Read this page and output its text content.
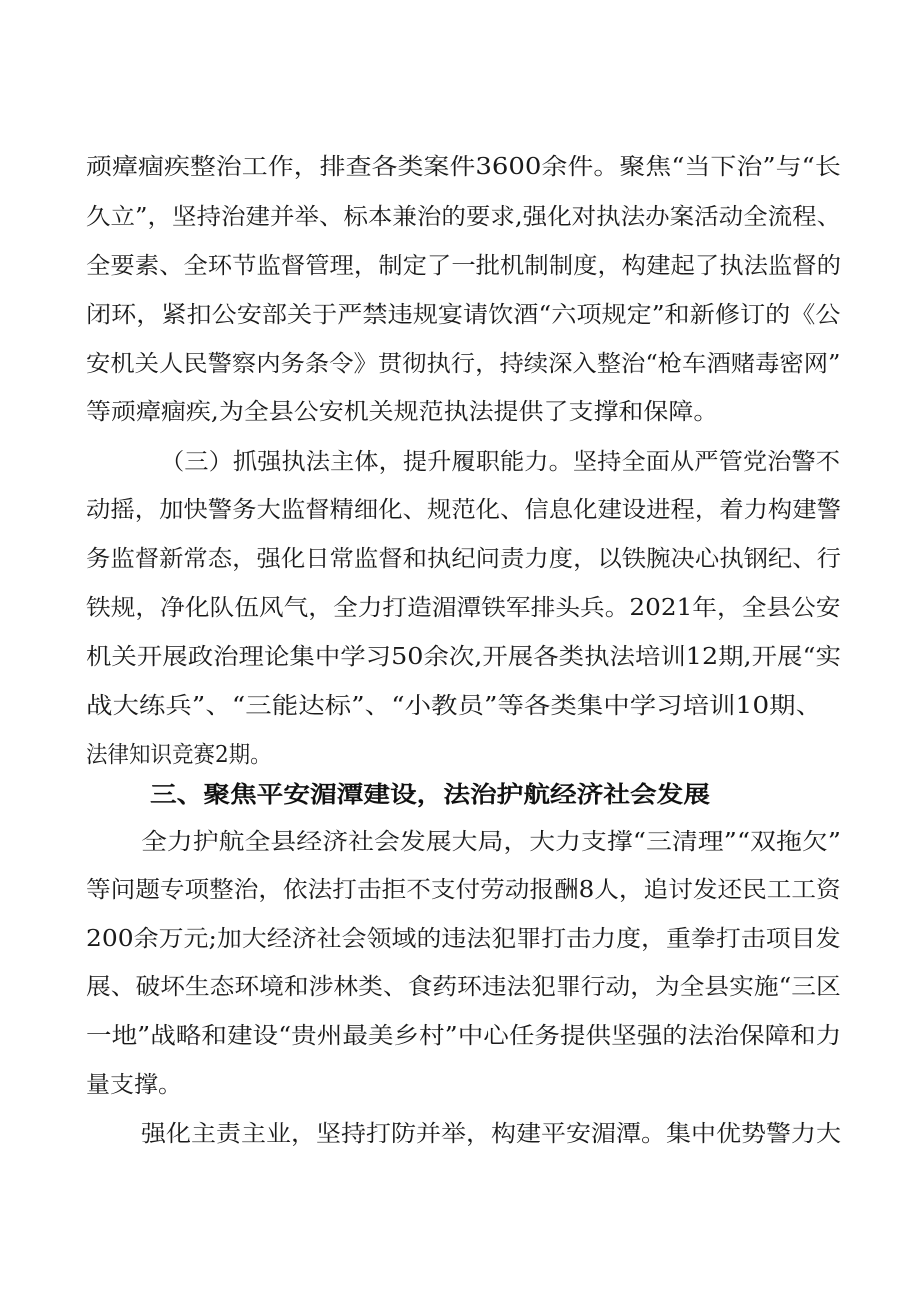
顽瘴痼疾整治工作，排查各类案件3600余件。聚焦“当下治”与“长
久立”，坚持治建并举、标本兼治的要求,强化对执法办案活动全流程、
全要素、全环节监督管理，制定了一批机制制度，构建起了执法监督的
闭环，紧扣公安部关于严禁违规宴请饮酒“六项规定”和新修订的《公
安机关人民警察内务条令》贯彻执行，持续深入整治“枪车酒赌毒密网”
等顽瘴痼疾,为全县公安机关规范执法提供了支撑和保障。
（三）抓强执法主体，提升履职能力。坚持全面从严管党治警不
动摇，加快警务大监督精细化、规范化、信息化建设进程，着力构建警
务监督新常态，强化日常监督和执纪问责力度，以铁腕决心执钢纪、行
铁规，净化队伍风气，全力打造湄潭铁军排头兵。2021年，全县公安
机关开展政治理论集中学习50余次,开展各类执法培训12期,开展“实
战大练兵”、“三能达标”、“小教员”等各类集中学习培训10期、
法律知识竞赛2期。
三、聚焦平安湄潭建设，法治护航经济社会发展
全力护航全县经济社会发展大局，大力支撑“三清理”“双拖欠”
等问题专项整治，依法打击拒不支付劳动报酬8人，追讨发还民工工资
200余万元;加大经济社会领域的违法犯罪打击力度，重拳打击项目发
展、破坏生态环境和涉林类、食药环违法犯罪行动，为全县实施“三区
一地”战略和建设“贵州最美乡村”中心任务提供坚强的法治保障和力
量支撑。
强化主责主业，坚持打防并举，构建平安湄潭。集中优势警力大
